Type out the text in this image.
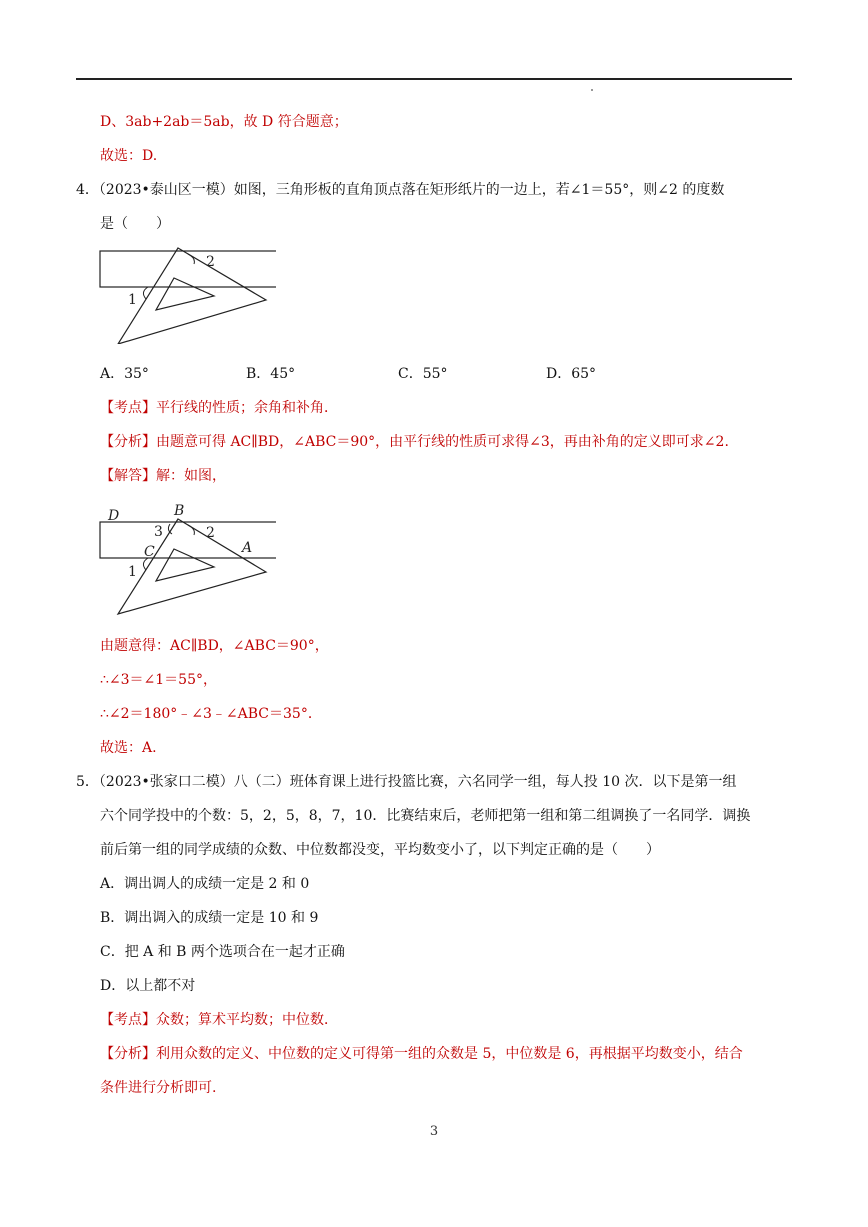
D、3ab+2ab＝5ab，故 D 符合题意；
故选：D.
4．（2023•泰山区一模）如图，三角形板的直角顶点落在矩形纸片的一边上，若∠1＝55°，则∠2 的度数
是（　　）
2
1
A．35°	B．45°	C．55°	D．65°
【考点】平行线的性质；余角和补角．
【分析】由题意可得 AC∥BD，∠ABC＝90°，由平行线的性质可求得∠3，再由补角的定义即可求∠2.
【解答】解：如图，
D	B
3	2
C	A
1
由题意得：AC∥BD，∠ABC＝90°，
∴∠3＝∠1＝55°，
∴∠2＝180°﹣∠3﹣∠ABC＝35°．
故选：A.
5．（2023•张家口二模）八（二）班体育课上进行投篮比赛，六名同学一组，每人投 10 次．以下是第一组
六个同学投中的个数：5，2，5，8，7，10．比赛结束后，老师把第一组和第二组调换了一名同学．调换
前后第一组的同学成绩的众数、中位数都没变，平均数变小了，以下判定正确的是（　　）
A．调出调人的成绩一定是 2 和 0
B．调出调入的成绩一定是 10 和 9
C．把 A 和 B 两个选项合在一起才正确
D．以上都不对
【考点】众数；算术平均数；中位数．
【分析】利用众数的定义、中位数的定义可得第一组的众数是 5，中位数是 6，再根据平均数变小，结合
条件进行分析即可.
3
